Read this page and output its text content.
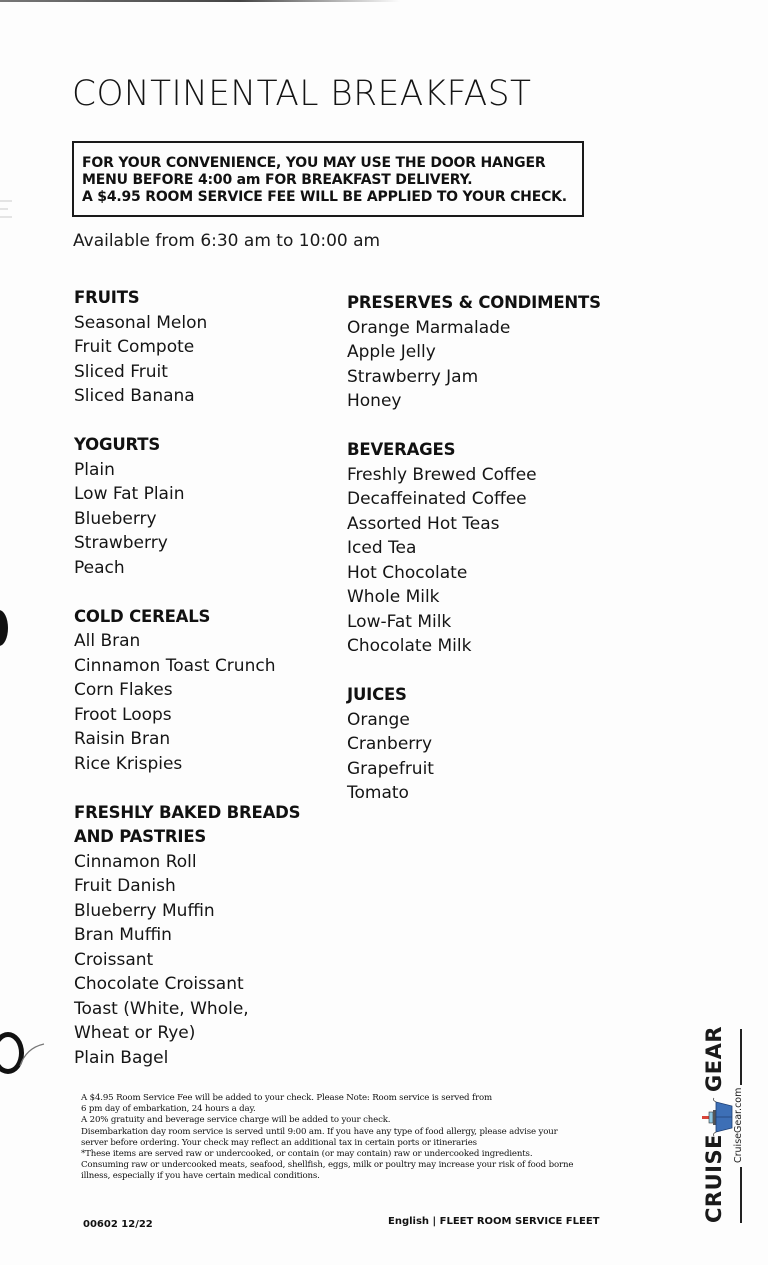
CONTINENTAL BREAKFAST
FOR YOUR CONVENIENCE, YOU MAY USE THE DOOR HANGER
MENU BEFORE 4:00 am FOR BREAKFAST DELIVERY.
A $4.95 ROOM SERVICE FEE WILL BE APPLIED TO YOUR CHECK.
Available from 6:30 am to 10:00 am
FRUITS
Seasonal Melon
Fruit Compote
Sliced Fruit
Sliced Banana
YOGURTS
Plain
Low Fat Plain
Blueberry
Strawberry
Peach
COLD CEREALS
All Bran
Cinnamon Toast Crunch
Corn Flakes
Froot Loops
Raisin Bran
Rice Krispies
FRESHLY BAKED BREADS
AND PASTRIES
Cinnamon Roll
Fruit Danish
Blueberry Muffin
Bran Muffin
Croissant
Chocolate Croissant
Toast (White, Whole,
Wheat or Rye)
Plain Bagel
PRESERVES & CONDIMENTS
Orange Marmalade
Apple Jelly
Strawberry Jam
Honey
BEVERAGES
Freshly Brewed Coffee
Decaffeinated Coffee
Assorted Hot Teas
Iced Tea
Hot Chocolate
Whole Milk
Low-Fat Milk
Chocolate Milk
JUICES
Orange
Cranberry
Grapefruit
Tomato
A $4.95 Room Service Fee will be added to your check. Please Note: Room service is served from
6 pm day of embarkation, 24 hours a day.
A 20% gratuity and beverage service charge will be added to your check.
Disembarkation day room service is served until 9:00 am. If you have any type of food allergy, please advise your
server before ordering. Your check may reflect an additional tax in certain ports or itineraries
*These items are served raw or undercooked, or contain (or may contain) raw or undercooked ingredients.
Consuming raw or undercooked meats, seafood, shellfish, eggs, milk or poultry may increase your risk of food borne
illness, especially if you have certain medical conditions.
00602 12/22	English | FLEET ROOM SERVICE FLEET	CRUISE
GEAR
CruiseGear.com
